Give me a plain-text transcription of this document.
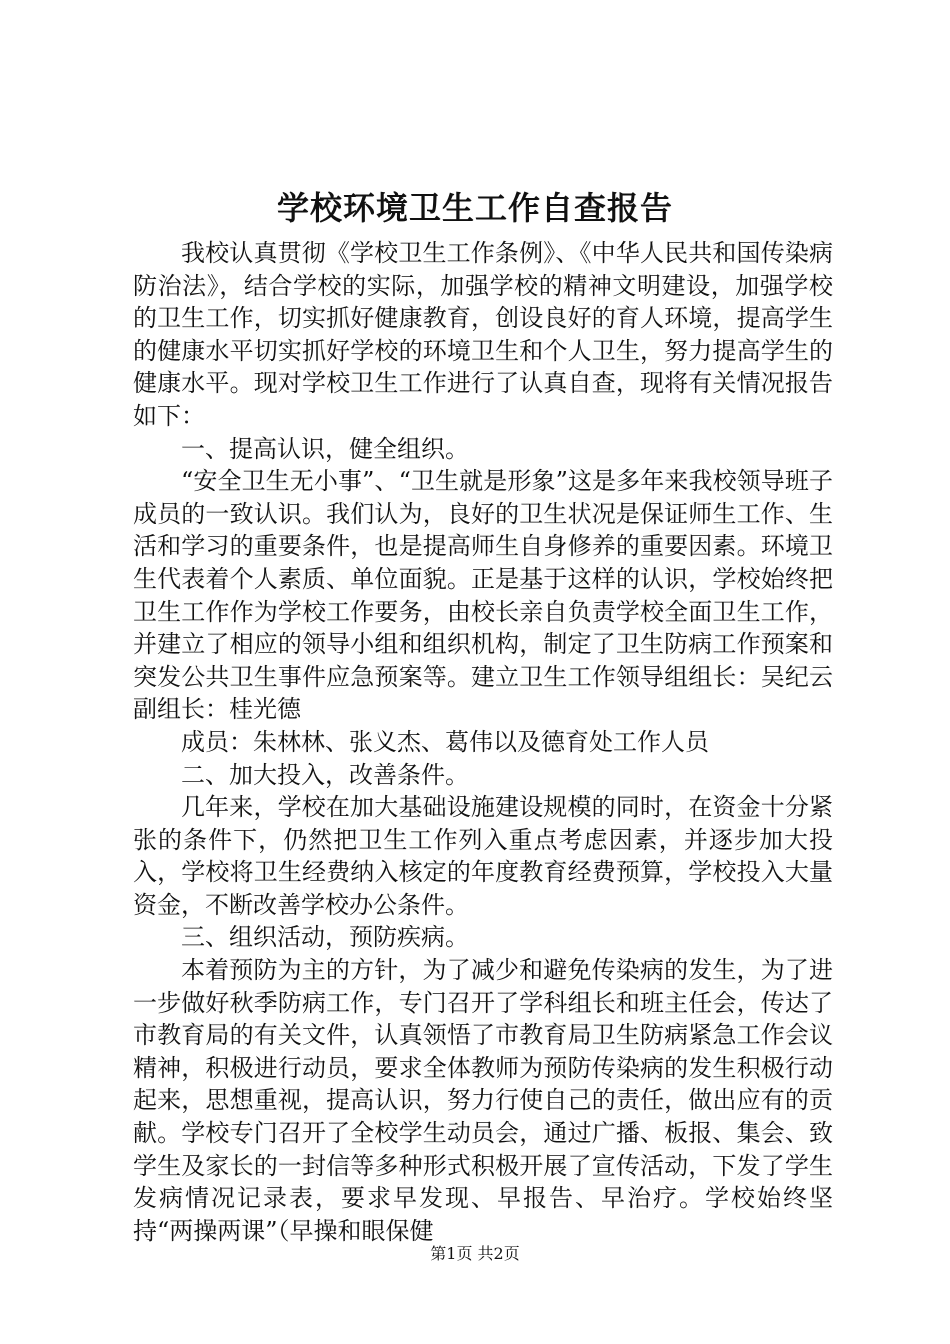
学校环境卫生工作自查报告

我校认真贯彻《学校卫生工作条例》、《中华人民共和国传染病防治法》，结合学校的实际，加强学校的精神文明建设，加强学校的卫生工作，切实抓好健康教育，创设良好的育人环境，提高学生的健康水平切实抓好学校的环境卫生和个人卫生，努力提高学生的健康水平。现对学校卫生工作进行了认真自查，现将有关情况报告如下：

一、提高认识，健全组织。

“安全卫生无小事”、“卫生就是形象”这是多年来我校领导班子成员的一致认识。我们认为，良好的卫生状况是保证师生工作、生活和学习的重要条件，也是提高师生自身修养的重要因素。环境卫生代表着个人素质、单位面貌。正是基于这样的认识，学校始终把卫生工作作为学校工作要务，由校长亲自负责学校全面卫生工作，并建立了相应的领导小组和组织机构，制定了卫生防病工作预案和突发公共卫生事件应急预案等。建立卫生工作领导组组长：吴纪云副组长：桂光德

成员：朱林林、张义杰、葛伟以及德育处工作人员

二、加大投入，改善条件。

几年来，学校在加大基础设施建设规模的同时，在资金十分紧张的条件下，仍然把卫生工作列入重点考虑因素，并逐步加大投入，学校将卫生经费纳入核定的年度教育经费预算，学校投入大量资金，不断改善学校办公条件。

三、组织活动，预防疾病。

本着预防为主的方针，为了减少和避免传染病的发生，为了进一步做好秋季防病工作，专门召开了学科组长和班主任会，传达了市教育局的有关文件，认真领悟了市教育局卫生防病紧急工作会议精神，积极进行动员，要求全体教师为预防传染病的发生积极行动起来，思想重视，提高认识，努力行使自己的责任，做出应有的贡献。学校专门召开了全校学生动员会，通过广播、板报、集会、致学生及家长的一封信等多种形式积极开展了宣传活动，下发了学生发病情况记录表，要求早发现、早报告、早治疗。学校始终坚持“两操两课”（早操和眼保健

第1页 共2页
